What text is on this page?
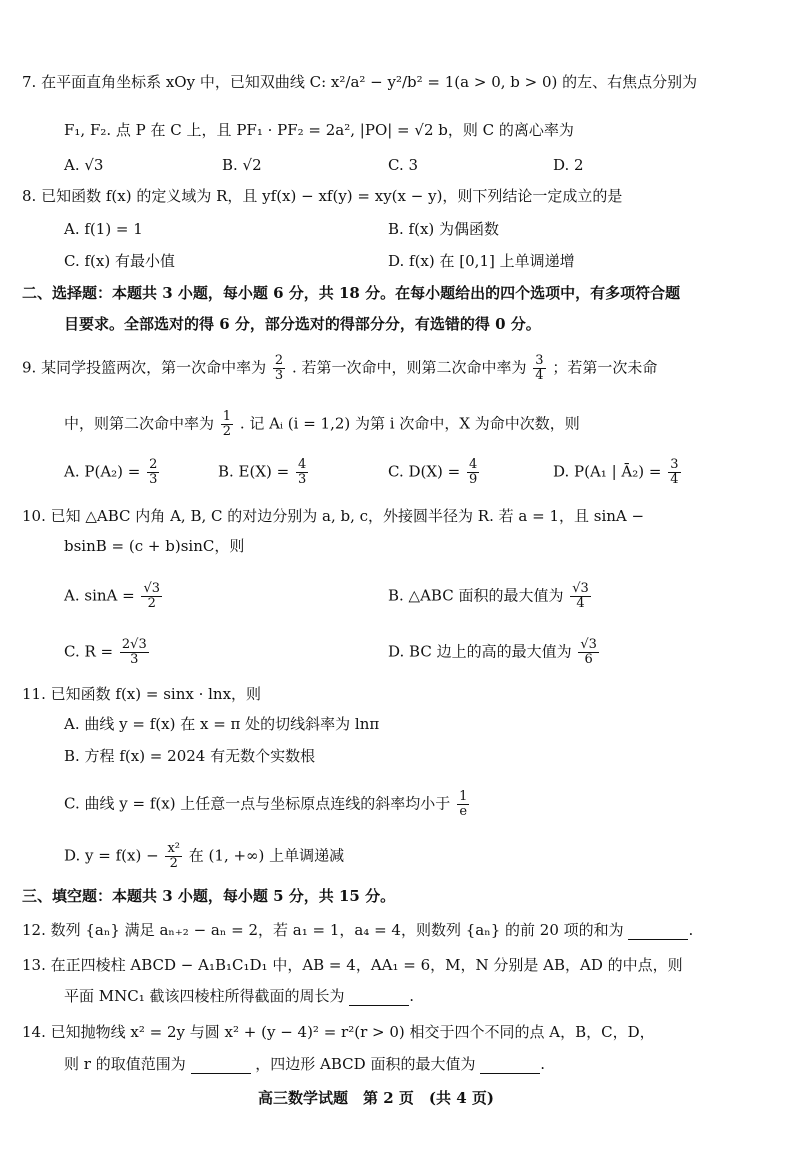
7. 在平面直角坐标系 xOy 中，已知双曲线 C: x²/a² − y²/b² = 1(a > 0, b > 0) 的左、右焦点分别为
F₁, F₂. 点 P 在 C 上，且 PF₁ · PF₂ = 2a², |PO| = √2 b，则 C 的离心率为
A. √3	B. √2	C. 3	D. 2
8. 已知函数 f(x) 的定义域为 R，且 yf(x) − xf(y) = xy(x − y)，则下列结论一定成立的是
A. f(1) = 1	B. f(x) 为偶函数
C. f(x) 有最小值	D. f(x) 在 [0,1] 上单调递增
二、选择题：本题共 3 小题，每小题 6 分，共 18 分。在每小题给出的四个选项中，有多项符合题
目要求。全部选对的得 6 分，部分选对的得部分分，有选错的得 0 分。
9. 某同学投篮两次，第一次命中率为 $\frac{2}{3}$ . 若第一次命中，则第二次命中率为 $\frac{3}{4}$ ；若第一次未命
中，则第二次命中率为 $\frac{1}{2}$ . 记 Aᵢ (i = 1,2) 为第 i 次命中，X 为命中次数，则
A. $P(A_2) = \frac{2}{3}$	B. $E(X) = \frac{4}{3}$	C. $D(X) = \frac{4}{9}$	D. P(A₁ | Ā₂) = $\frac{3}{4}$
10. 已知 △ABC 内角 A, B, C 的对边分别为 a, b, c，外接圆半径为 R. 若 a = 1，且 sinA −
bsinB = (c + b)sinC，则
A. $\sin A = \frac{√3}{2}$	B. △ABC 面积的最大值为 $\frac{√3}{4}$
C. $R = \frac{2√3}{3}$	D. BC 边上的高的最大值为 $\frac{√3}{6}$
11. 已知函数 f(x) = sinx · lnx，则
A. 曲线 y = f(x) 在 x = π 处的切线斜率为 lnπ
B. 方程 f(x) = 2024 有无数个实数根
C. 曲线 y = f(x) 上任意一点与坐标原点连线的斜率均小于 $\frac{1}{e}$
D. $y = f(x) - \frac{\text{x²}}{2}$ 在 (1, +∞) 上单调递减
三、填空题：本题共 3 小题，每小题 5 分，共 15 分。
12. 数列 {aₙ} 满足 aₙ₊₂ − aₙ = 2，若 a₁ = 1，a₄ = 4，则数列 {aₙ} 的前 20 项的和为	.
13. 在正四棱柱 ABCD − A₁B₁C₁D₁ 中，AB = 4，AA₁ = 6，M，N 分别是 AB，AD 的中点，则
平面 MNC₁ 截该四棱柱所得截面的周长为	.
14. 已知抛物线 x² = 2y 与圆 x² + (y − 4)² = r²(r > 0) 相交于四个不同的点 A，B，C，D，
则 r 的取值范围为	，四边形 ABCD 面积的最大值为	.
高三数学试题　第 2 页　(共 4 页)
